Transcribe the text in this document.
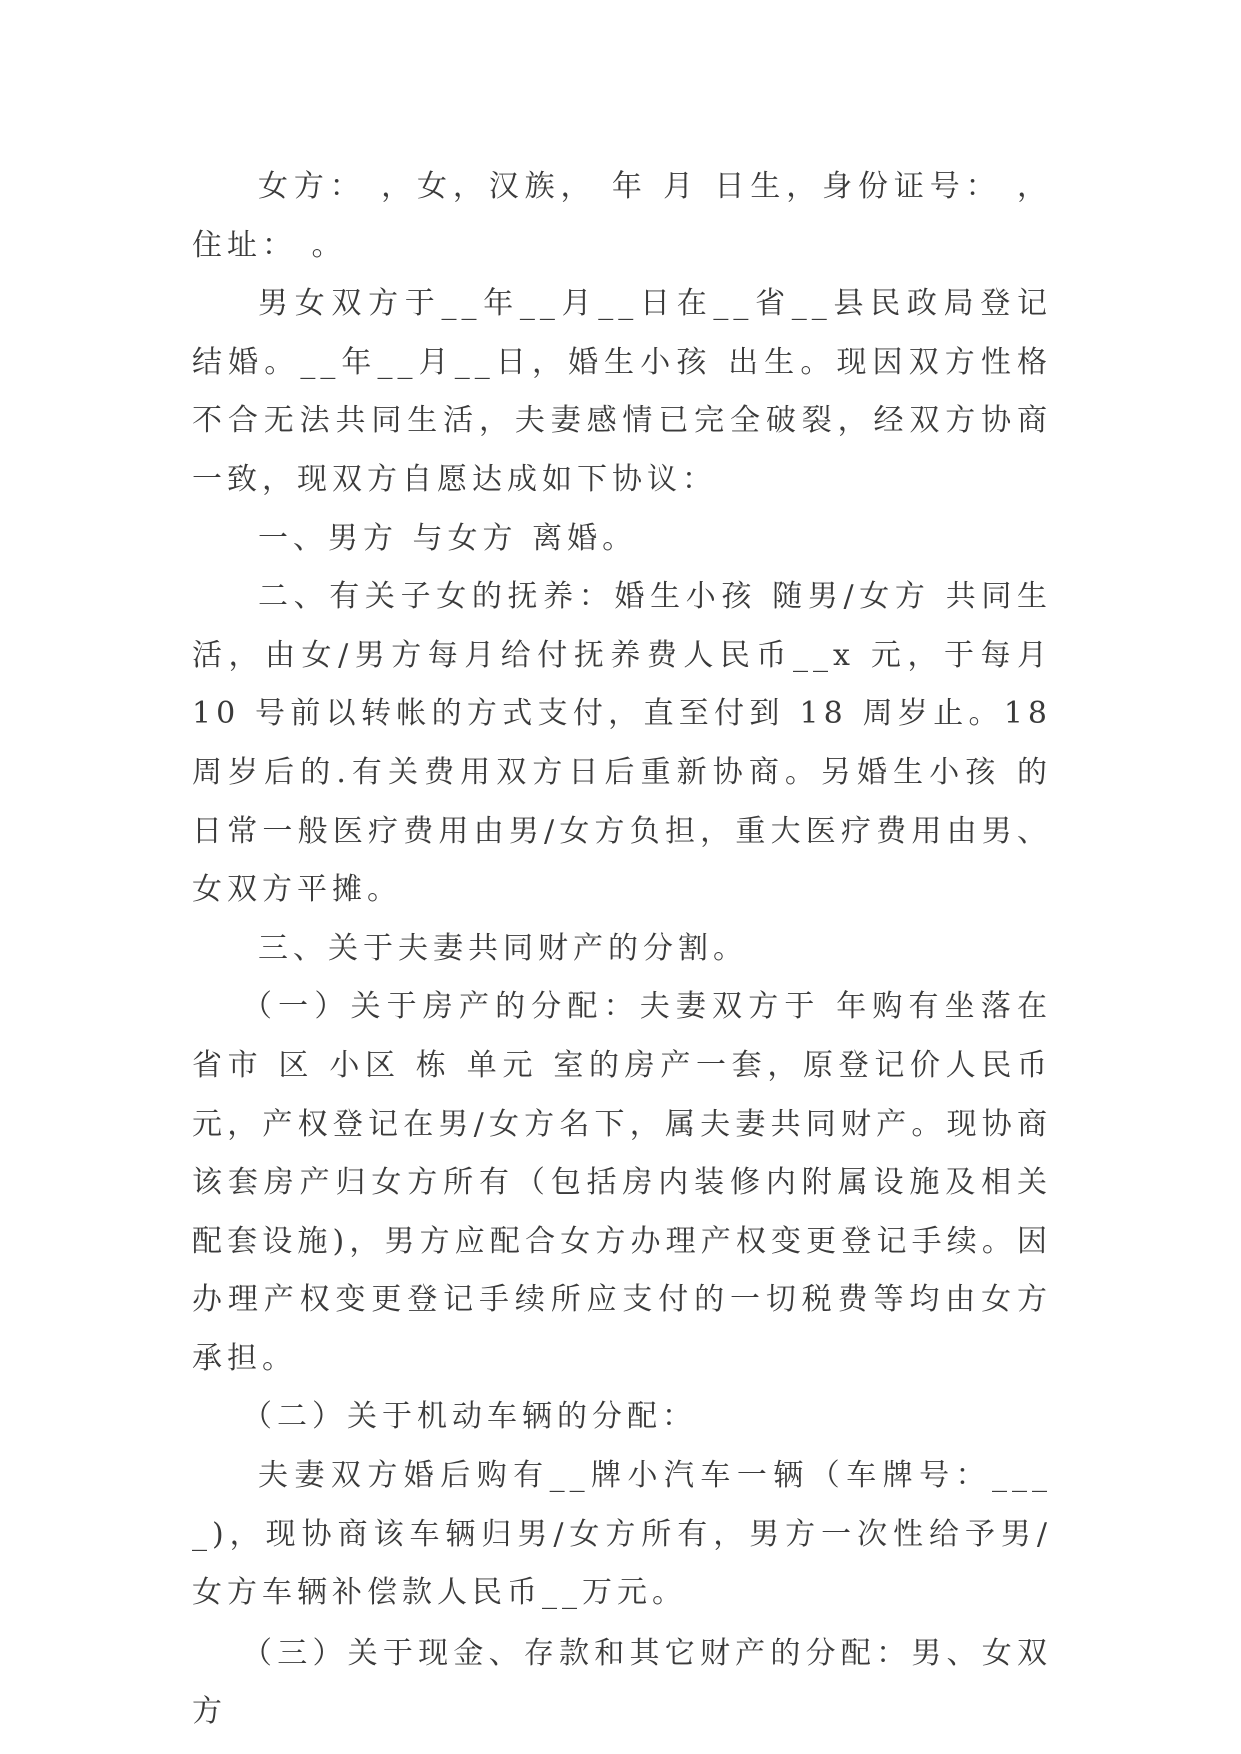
女方： ，女，汉族， 年 月 日生，身份证号： ，住址： 。

男女双方于__年__月__日在__省__县民政局登记结婚。__年__月__日，婚生小孩 出生。现因双方性格不合无法共同生活，夫妻感情已完全破裂，经双方协商一致，现双方自愿达成如下协议：

一、男方 与女方 离婚。

二、有关子女的抚养：婚生小孩 随男/女方 共同生活，由女/男方每月给付抚养费人民币__x 元，于每月 10 号前以转帐的方式支付，直至付到 18 周岁止。18 周岁后的.有关费用双方日后重新协商。另婚生小孩 的日常一般医疗费用由男/女方负担，重大医疗费用由男、女双方平摊。

三、关于夫妻共同财产的分割。

（一）关于房产的分配：夫妻双方于 年购有坐落在 省市 区 小区 栋 单元 室的房产一套，原登记价人民币 元，产权登记在男/女方名下，属夫妻共同财产。现协商该套房产归女方所有（包括房内装修内附属设施及相关配套设施)，男方应配合女方办理产权变更登记手续。因办理产权变更登记手续所应支付的一切税费等均由女方承担。

（二）关于机动车辆的分配：

夫妻双方婚后购有__牌小汽车一辆（车牌号：____)，现协商该车辆归男/女方所有，男方一次性给予男/女方车辆补偿款人民币__万元。

（三）关于现金、存款和其它财产的分配：男、女双方
